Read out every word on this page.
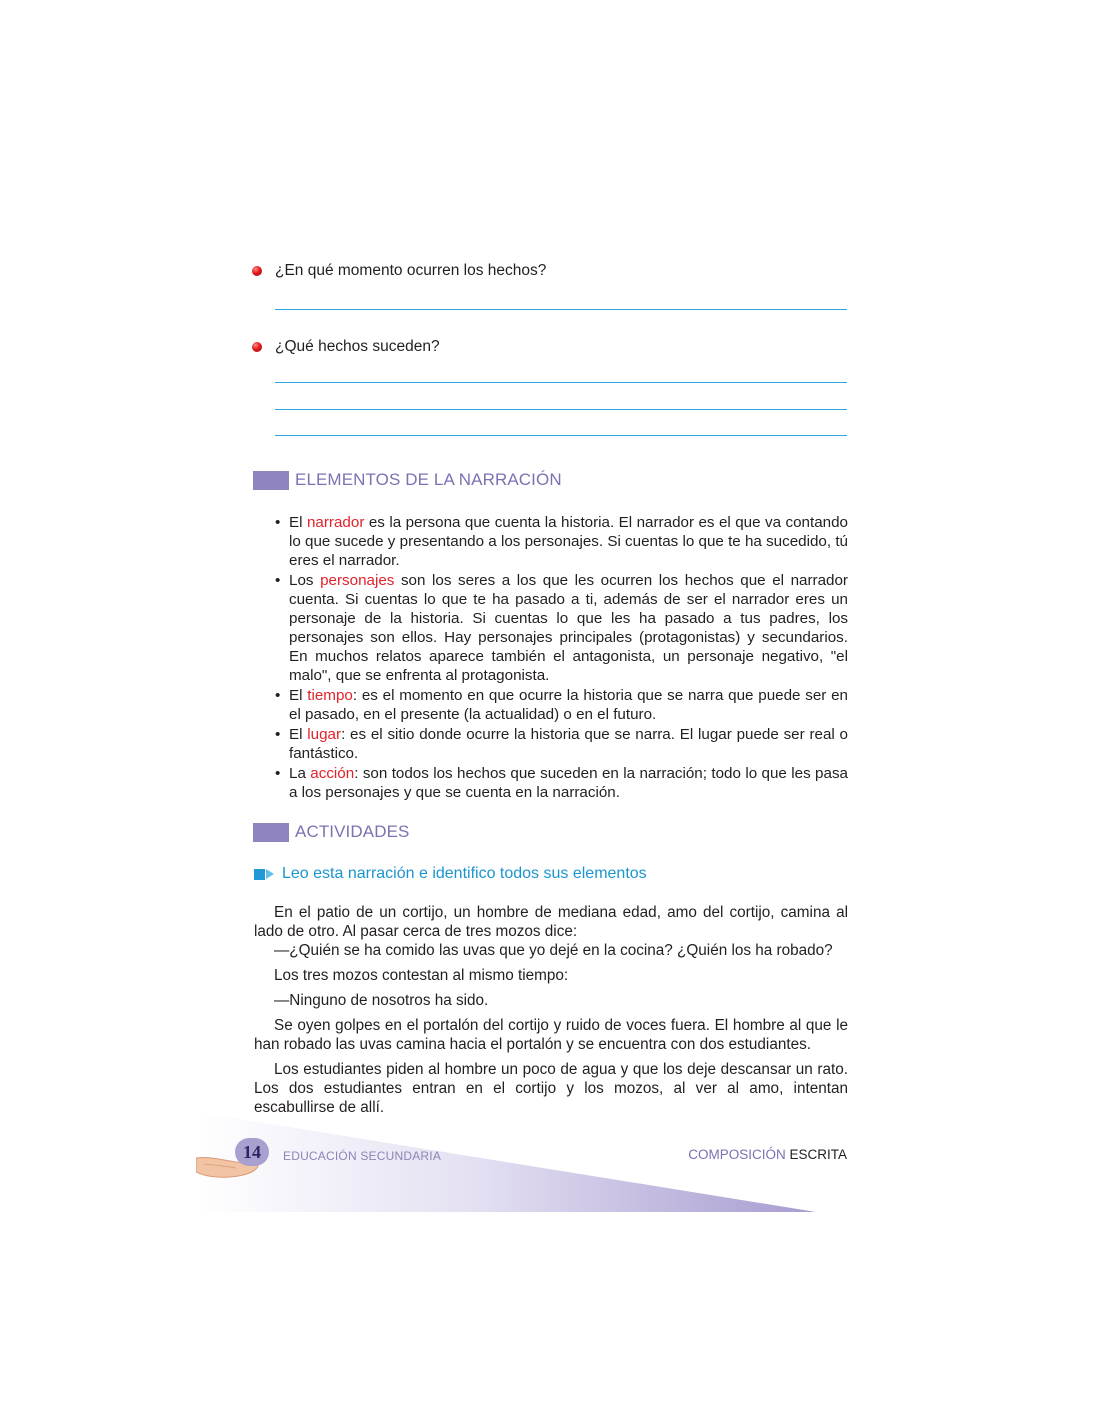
¿En qué momento ocurren los hechos?
¿Qué hechos suceden?
ELEMENTOS DE LA NARRACIÓN
• El narrador es la persona que cuenta la historia. El narrador es el que va contando lo que sucede y presentando a los personajes. Si cuentas lo que te ha sucedido, tú eres el narrador.
• Los personajes son los seres a los que les ocurren los hechos que el narrador cuenta. Si cuentas lo que te ha pasado a ti, además de ser el narrador eres un personaje de la historia. Si cuentas lo que les ha pasado a tus padres, los personajes son ellos. Hay personajes principales (protagonistas) y secundarios. En muchos relatos aparece también el antagonista, un personaje negativo, "el malo", que se enfrenta al protagonista.
• El tiempo: es el momento en que ocurre la historia que se narra que puede ser en el pasado, en el presente (la actualidad) o en el futuro.
• El lugar: es el sitio donde ocurre la historia que se narra. El lugar puede ser real o fantástico.
• La acción: son todos los hechos que suceden en la narración; todo lo que les pasa a los personajes y que se cuenta en la narración.
ACTIVIDADES
Leo esta narración e identifico todos sus elementos

En el patio de un cortijo, un hombre de mediana edad, amo del cortijo, camina al lado de otro. Al pasar cerca de tres mozos dice:

—¿Quién se ha comido las uvas que yo dejé en la cocina? ¿Quién los ha robado?

Los tres mozos contestan al mismo tiempo:

—Ninguno de nosotros ha sido.

Se oyen golpes en el portalón del cortijo y ruido de voces fuera. El hombre al que le han robado las uvas camina hacia el portalón y se encuentra con dos estudiantes.

Los estudiantes piden al hombre un poco de agua y que los deje descansar un rato. Los dos estudiantes entran en el cortijo y los mozos, al ver al amo, intentan escabullirse de allí.

14	EDUCACIÓN SECUNDARIA	COMPOSICIÓN ESCRITA
